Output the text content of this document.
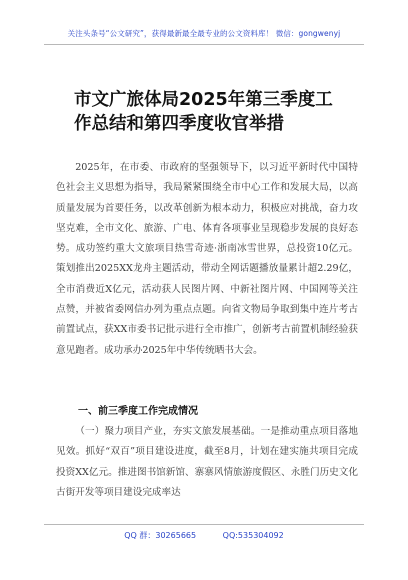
关注头条号“公文研究”，获得最新最全最专业的公文资料库！ 微信：gongwenyj
市文广旅体局2025年第三季度工作总结和第四季度收官举措

2025年，在市委、市政府的坚强领导下，以习近平新时代中国特色社会主义思想为指导，我局紧紧围绕全市中心工作和发展大局，以高质量发展为首要任务，以改革创新为根本动力，积极应对挑战，奋力攻坚克难，全市文化、旅游、广电、体育各项事业呈现稳步发展的良好态势。成功签约重大文旅项目热雪奇迹·浙南冰雪世界，总投资10亿元。策划推出2025XX龙舟主题活动，带动全网话题播放量累计超2.29亿，全市消费近X亿元，活动获人民图片网、中新社图片网、中国网等关注点赞，并被省委网信办列为重点点题。向省文物局争取到集中连片考古前置试点，获XX市委书记批示进行全市推广，创新考古前置机制经验获意见跑者。成功承办2025年中华传统晒书大会。

一、前三季度工作完成情况

（一）聚力项目产业，夯实文旅发展基础。一是推动重点项目落地见效。抓好“双百”项目建设进度，截至8月，计划在建实施共项目完成投资XX亿元。推进图书馆新馆、寨寨风情旅游度假区、永胜门历史文化古街开发等项目建设完成率达

QQ 群：30265665	QQ:535304092
